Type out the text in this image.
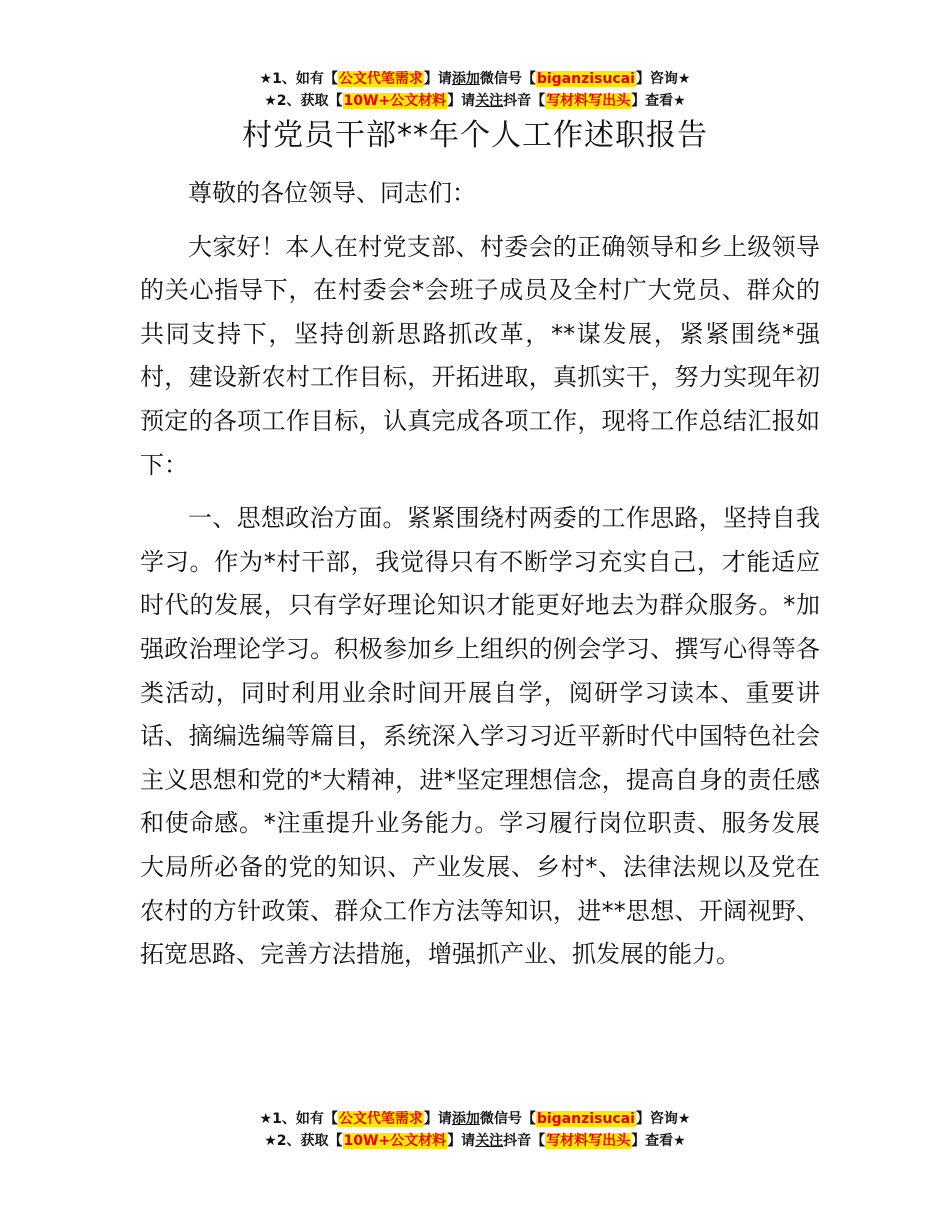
★1、如有【公文代笔需求】请添加微信号【biganzisucai】咨询★
★2、获取【10W+公文材料】请关注抖音【写材料写出头】查看★
村党员干部**年个人工作述职报告

尊敬的各位领导、同志们：

大家好！本人在村党支部、村委会的正确领导和乡上级领导的关心指导下，在村委会*会班子成员及全村广大党员、群众的共同支持下，坚持创新思路抓改革，**谋发展，紧紧围绕*强村，建设新农村工作目标，开拓进取，真抓实干，努力实现年初预定的各项工作目标，认真完成各项工作，现将工作总结汇报如下：

一、思想政治方面。紧紧围绕村两委的工作思路，坚持自我学习。作为*村干部，我觉得只有不断学习充实自己，才能适应时代的发展，只有学好理论知识才能更好地去为群众服务。*加强政治理论学习。积极参加乡上组织的例会学习、撰写心得等各类活动，同时利用业余时间开展自学，阅研学习读本、重要讲话、摘编选编等篇目，系统深入学习习近平新时代中国特色社会主义思想和党的*大精神，进*坚定理想信念，提高自身的责任感和使命感。*注重提升业务能力。学习履行岗位职责、服务发展大局所必备的党的知识、产业发展、乡村*、法律法规以及党在农村的方针政策、群众工作方法等知识，进**思想、开阔视野、拓宽思路、完善方法措施，增强抓产业、抓发展的能力。

★1、如有【公文代笔需求】请添加微信号【biganzisucai】咨询★
★2、获取【10W+公文材料】请关注抖音【写材料写出头】查看★
